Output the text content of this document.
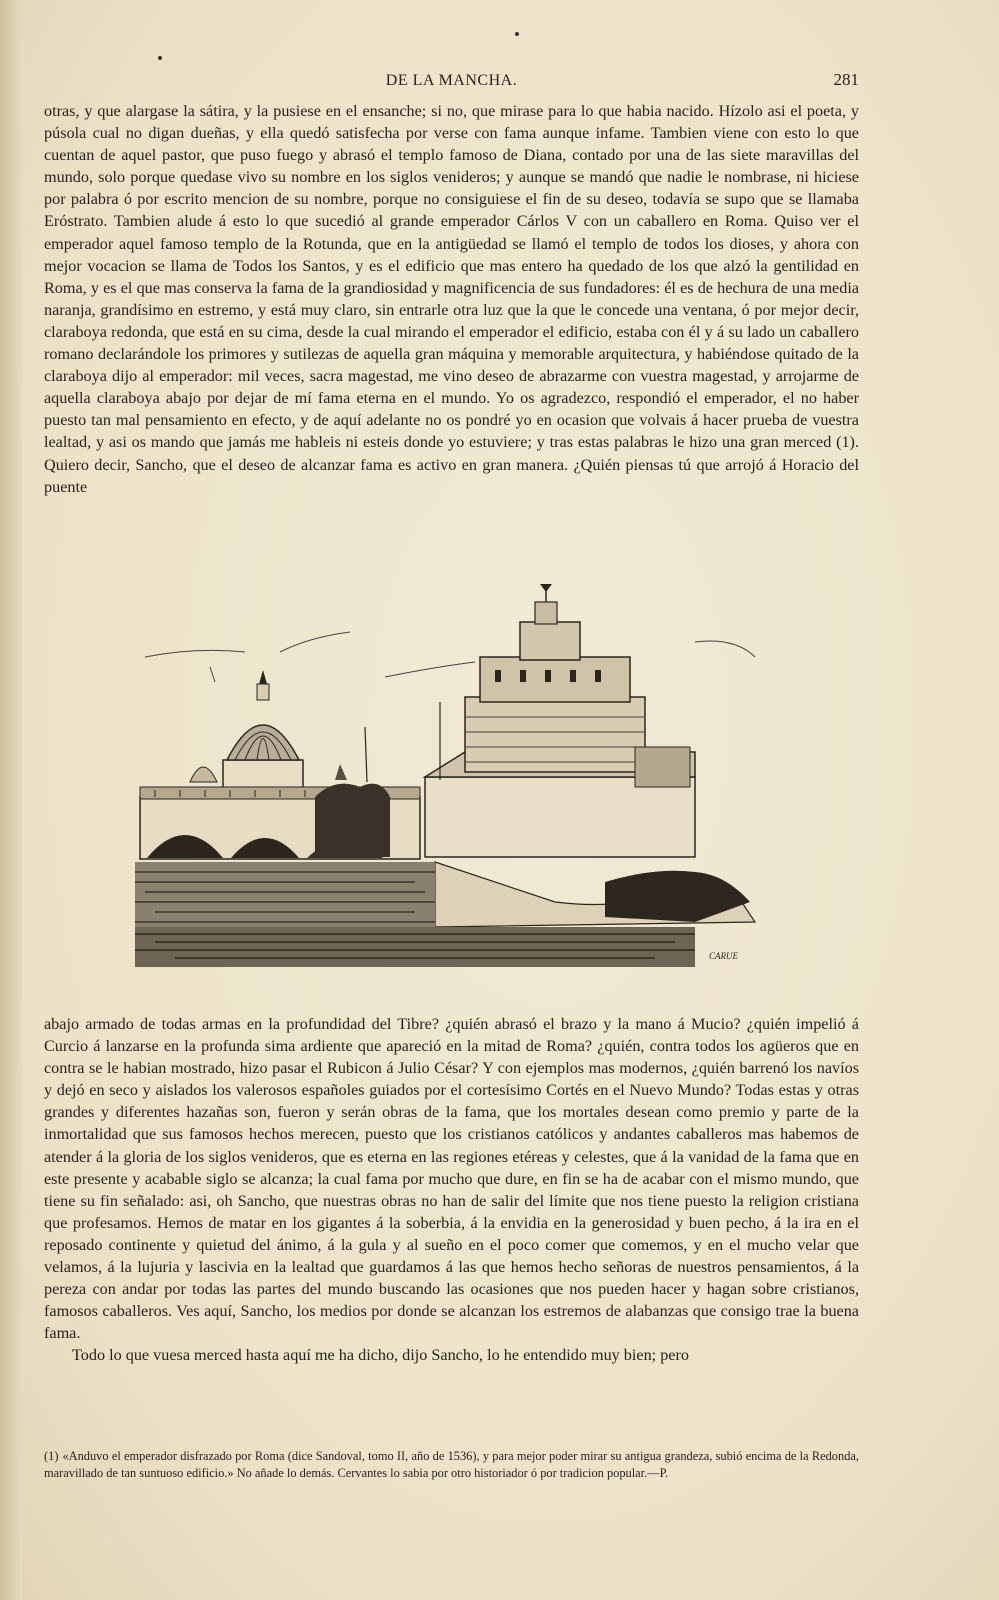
DE LA MANCHA.	281

otras, y que alargase la sátira, y la pusiese en el ensanche; si no, que mirase para lo que habia nacido. Hízolo asi el poeta, y púsola cual no digan dueñas, y ella quedó satisfecha por verse con fama aunque infame. Tambien viene con esto lo que cuentan de aquel pastor, que puso fuego y abrasó el templo famoso de Diana, contado por una de las siete maravillas del mundo, solo porque quedase vivo su nombre en los siglos venideros; y aunque se mandó que nadie le nombrase, ni hiciese por palabra ó por escrito mencion de su nombre, porque no consiguiese el fin de su deseo, todavía se supo que se llamaba Eróstrato. Tambien alude á esto lo que sucedió al grande emperador Cárlos V con un caballero en Roma. Quiso ver el emperador aquel famoso templo de la Rotunda, que en la antigüedad se llamó el templo de todos los dioses, y ahora con mejor vocacion se llama de Todos los Santos, y es el edificio que mas entero ha quedado de los que alzó la gentilidad en Roma, y es el que mas conserva la fama de la grandiosidad y magnificencia de sus fundadores: él es de hechura de una media naranja, grandísimo en estremo, y está muy claro, sin entrarle otra luz que la que le concede una ventana, ó por mejor decir, claraboya redonda, que está en su cima, desde la cual mirando el emperador el edificio, estaba con él y á su lado un caballero romano declarándole los primores y sutilezas de aquella gran máquina y memorable arquitectura, y habiéndose quitado de la claraboya dijo al emperador: mil veces, sacra magestad, me vino deseo de abrazarme con vuestra magestad, y arrojarme de aquella claraboya abajo por dejar de mí fama eterna en el mundo. Yo os agradezco, respondió el emperador, el no haber puesto tan mal pensamiento en efecto, y de aquí adelante no os pondré yo en ocasion que volvais á hacer prueba de vuestra lealtad, y asi os mando que jamás me hableis ni esteis donde yo estuviere; y tras estas palabras le hizo una gran merced (1). Quiero decir, Sancho, que el deseo de alcanzar fama es activo en gran manera. ¿Quién piensas tú que arrojó á Horacio del puente

CARUE

abajo armado de todas armas en la profundidad del Tibre? ¿quién abrasó el brazo y la mano á Mucio? ¿quién impelió á Curcio á lanzarse en la profunda sima ardiente que apareció en la mitad de Roma? ¿quién, contra todos los agüeros que en contra se le habian mostrado, hizo pasar el Rubicon á Julio César? Y con ejemplos mas modernos, ¿quién barrenó los navíos y dejó en seco y aislados los valerosos españoles guiados por el cortesísimo Cortés en el Nuevo Mundo? Todas estas y otras grandes y diferentes hazañas son, fueron y serán obras de la fama, que los mortales desean como premio y parte de la inmortalidad que sus famosos hechos merecen, puesto que los cristianos católicos y andantes caballeros mas habemos de atender á la gloria de los siglos venideros, que es eterna en las regiones etéreas y celestes, que á la vanidad de la fama que en este presente y acabable siglo se alcanza; la cual fama por mucho que dure, en fin se ha de acabar con el mismo mundo, que tiene su fin señalado: asi, oh Sancho, que nuestras obras no han de salir del límite que nos tiene puesto la religion cristiana que profesamos. Hemos de matar en los gigantes á la soberbia, á la envidia en la generosidad y buen pecho, á la ira en el reposado continente y quietud del ánimo, á la gula y al sueño en el poco comer que comemos, y en el mucho velar que velamos, á la lujuria y lascivia en la lealtad que guardamos á las que hemos hecho señoras de nuestros pensamientos, á la pereza con andar por todas las partes del mundo buscando las ocasiones que nos pueden hacer y hagan sobre cristianos, famosos caballeros. Ves aquí, Sancho, los medios por donde se alcanzan los estremos de alabanzas que consigo trae la buena fama.

Todo lo que vuesa merced hasta aquí me ha dicho, dijo Sancho, lo he entendido muy bien; pero

(1) «Anduvo el emperador disfrazado por Roma (dice Sandoval, tomo II, año de 1536), y para mejor poder mirar su antigua grandeza, subió encima de la Redonda, maravillado de tan suntuoso edificio.» No añade lo demás. Cervantes lo sabia por otro historiador ó por tradicion popular.—P.
